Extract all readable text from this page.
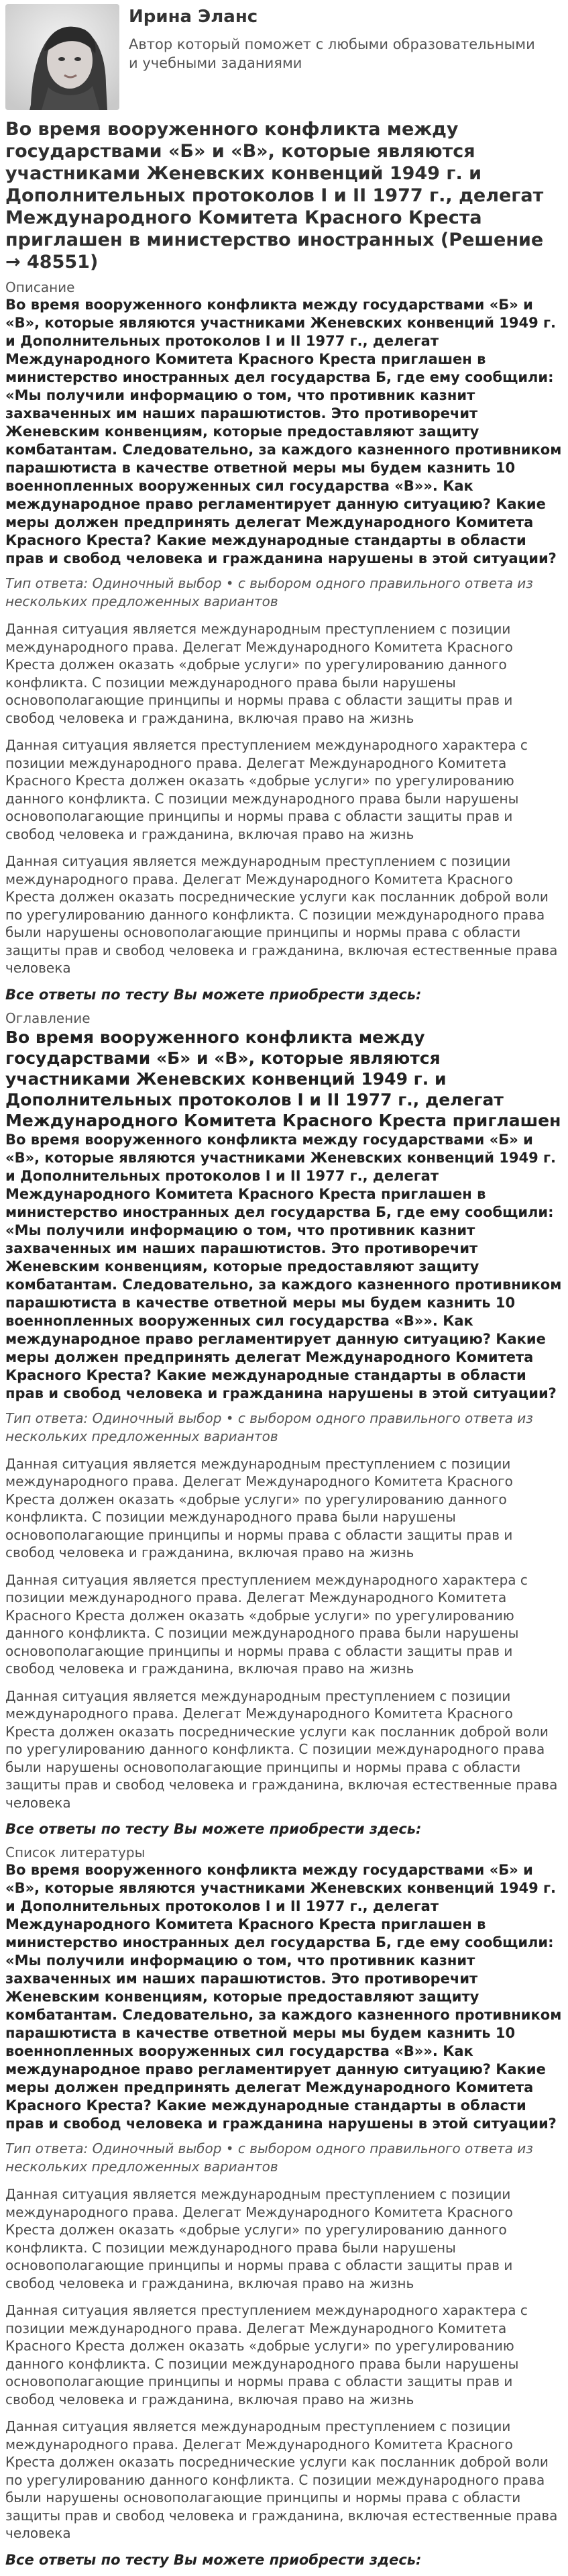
Ирина Эланс
Автор который поможет с любыми образовательными и учебными заданиями
Во время вооруженного конфликта между государствами «Б» и «В», которые являются участниками Женевских конвенций 1949 г. и Дополнительных протоколов I и II 1977 г., делегат Международного Комитета Красного Креста приглашен в министерство иностранных (Решение → 48551)
Описание
Во время вооруженного конфликта между государствами «Б» и «В», которые являются участниками Женевских конвенций 1949 г. и Дополнительных протоколов I и II 1977 г., делегат Международного Комитета Красного Креста приглашен в министерство иностранных дел государства Б, где ему сообщили: «Мы получили информацию о том, что противник казнит захваченных им наших парашютистов. Это противоречит Женевским конвенциям, которые предоставляют защиту комбатантам. Следовательно, за каждого казненного противником парашютиста в качестве ответной меры мы будем казнить 10 военнопленных вооруженных сил государства «В»». Как международное право регламентирует данную ситуацию? Какие меры должен предпринять делегат Международного Комитета Красного Креста? Какие международные стандарты в области прав и свобод человека и гражданина нарушены в этой ситуации?
Тип ответа: Одиночный выбор • с выбором одного правильного ответа из нескольких предложенных вариантов
Данная ситуация является международным преступлением с позиции международного права. Делегат Международного Комитета Красного Креста должен оказать «добрые услуги» по урегулированию данного конфликта. С позиции международного права были нарушены основополагающие принципы и нормы права с области защиты прав и свобод человека и гражданина, включая право на жизнь
Данная ситуация является преступлением международного характера с позиции международного права. Делегат Международного Комитета Красного Креста должен оказать «добрые услуги» по урегулированию данного конфликта. С позиции международного права были нарушены основополагающие принципы и нормы права с области защиты прав и свобод человека и гражданина, включая право на жизнь
Данная ситуация является международным преступлением с позиции международного права. Делегат Международного Комитета Красного Креста должен оказать посреднические услуги как посланник доброй воли по урегулированию данного конфликта. С позиции международного права были нарушены основополагающие принципы и нормы права с области защиты прав и свобод человека и гражданина, включая естественные права человека
Все ответы по тесту Вы можете приобрести здесь:
Оглавление
Во время вооруженного конфликта между государствами «Б» и «В», которые являются участниками Женевских конвенций 1949 г. и Дополнительных протоколов I и II 1977 г., делегат Международного Комитета Красного Креста приглашен
Во время вооруженного конфликта между государствами «Б» и «В», которые являются участниками Женевских конвенций 1949 г. и Дополнительных протоколов I и II 1977 г., делегат Международного Комитета Красного Креста приглашен в министерство иностранных дел государства Б, где ему сообщили: «Мы получили информацию о том, что противник казнит захваченных им наших парашютистов. Это противоречит Женевским конвенциям, которые предоставляют защиту комбатантам. Следовательно, за каждого казненного противником парашютиста в качестве ответной меры мы будем казнить 10 военнопленных вооруженных сил государства «В»». Как международное право регламентирует данную ситуацию? Какие меры должен предпринять делегат Международного Комитета Красного Креста? Какие международные стандарты в области прав и свобод человека и гражданина нарушены в этой ситуации?
Тип ответа: Одиночный выбор • с выбором одного правильного ответа из нескольких предложенных вариантов
Данная ситуация является международным преступлением с позиции международного права. Делегат Международного Комитета Красного Креста должен оказать «добрые услуги» по урегулированию данного конфликта. С позиции международного права были нарушены основополагающие принципы и нормы права с области защиты прав и свобод человека и гражданина, включая право на жизнь
Данная ситуация является преступлением международного характера с позиции международного права. Делегат Международного Комитета Красного Креста должен оказать «добрые услуги» по урегулированию данного конфликта. С позиции международного права были нарушены основополагающие принципы и нормы права с области защиты прав и свобод человека и гражданина, включая право на жизнь
Данная ситуация является международным преступлением с позиции международного права. Делегат Международного Комитета Красного Креста должен оказать посреднические услуги как посланник доброй воли по урегулированию данного конфликта. С позиции международного права были нарушены основополагающие принципы и нормы права с области защиты прав и свобод человека и гражданина, включая естественные права человека
Все ответы по тесту Вы можете приобрести здесь:
Список литературы
Во время вооруженного конфликта между государствами «Б» и «В», которые являются участниками Женевских конвенций 1949 г. и Дополнительных протоколов I и II 1977 г., делегат Международного Комитета Красного Креста приглашен в министерство иностранных дел государства Б, где ему сообщили: «Мы получили информацию о том, что противник казнит захваченных им наших парашютистов. Это противоречит Женевским конвенциям, которые предоставляют защиту комбатантам. Следовательно, за каждого казненного противником парашютиста в качестве ответной меры мы будем казнить 10 военнопленных вооруженных сил государства «В»». Как международное право регламентирует данную ситуацию? Какие меры должен предпринять делегат Международного Комитета Красного Креста? Какие международные стандарты в области прав и свобод человека и гражданина нарушены в этой ситуации?
Тип ответа: Одиночный выбор • с выбором одного правильного ответа из нескольких предложенных вариантов
Данная ситуация является международным преступлением с позиции международного права. Делегат Международного Комитета Красного Креста должен оказать «добрые услуги» по урегулированию данного конфликта. С позиции международного права были нарушены основополагающие принципы и нормы права с области защиты прав и свобод человека и гражданина, включая право на жизнь
Данная ситуация является преступлением международного характера с позиции международного права. Делегат Международного Комитета Красного Креста должен оказать «добрые услуги» по урегулированию данного конфликта. С позиции международного права были нарушены основополагающие принципы и нормы права с области защиты прав и свобод человека и гражданина, включая право на жизнь
Данная ситуация является международным преступлением с позиции международного права. Делегат Международного Комитета Красного Креста должен оказать посреднические услуги как посланник доброй воли по урегулированию данного конфликта. С позиции международного права были нарушены основополагающие принципы и нормы права с области защиты прав и свобод человека и гражданина, включая естественные права человека
Все ответы по тесту Вы можете приобрести здесь:
